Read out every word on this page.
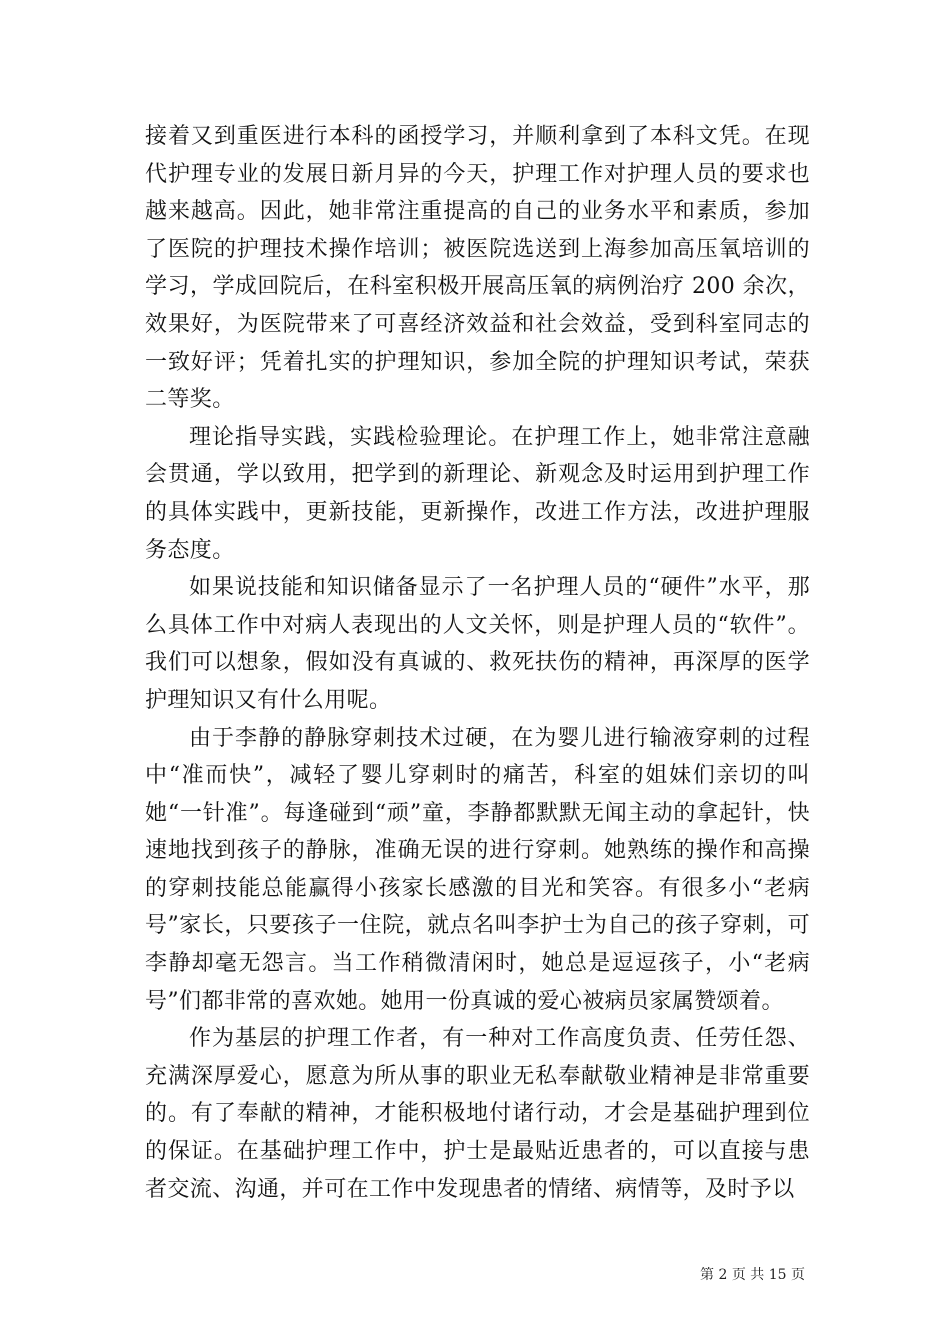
接着又到重医进行本科的函授学习，并顺利拿到了本科文凭。在现代护理专业的发展日新月异的今天，护理工作对护理人员的要求也越来越高。因此，她非常注重提高的自己的业务水平和素质，参加了医院的护理技术操作培训；被医院选送到上海参加高压氧培训的学习，学成回院后，在科室积极开展高压氧的病例治疗 200 余次，效果好，为医院带来了可喜经济效益和社会效益，受到科室同志的一致好评；凭着扎实的护理知识，参加全院的护理知识考试，荣获二等奖。

理论指导实践，实践检验理论。在护理工作上，她非常注意融会贯通，学以致用，把学到的新理论、新观念及时运用到护理工作的具体实践中，更新技能，更新操作，改进工作方法，改进护理服务态度。

如果说技能和知识储备显示了一名护理人员的“硬件”水平，那么具体工作中对病人表现出的人文关怀，则是护理人员的“软件”。我们可以想象，假如没有真诚的、救死扶伤的精神，再深厚的医学护理知识又有什么用呢。

由于李静的静脉穿刺技术过硬，在为婴儿进行输液穿刺的过程中“准而快”，减轻了婴儿穿刺时的痛苦，科室的姐妹们亲切的叫她“一针准”。每逢碰到“顽”童，李静都默默无闻主动的拿起针，快速地找到孩子的静脉，准确无误的进行穿刺。她熟练的操作和高操的穿刺技能总能赢得小孩家长感激的目光和笑容。有很多小“老病号”家长，只要孩子一住院，就点名叫李护士为自己的孩子穿刺，可李静却毫无怨言。当工作稍微清闲时，她总是逗逗孩子，小“老病号”们都非常的喜欢她。她用一份真诚的爱心被病员家属赞颂着。

作为基层的护理工作者，有一种对工作高度负责、任劳任怨、充满深厚爱心，愿意为所从事的职业无私奉献敬业精神是非常重要的。有了奉献的精神，才能积极地付诸行动，才会是基础护理到位的保证。在基础护理工作中，护士是最贴近患者的，可以直接与患者交流、沟通，并可在工作中发现患者的情绪、病情等，及时予以

第 2 页 共 15 页
